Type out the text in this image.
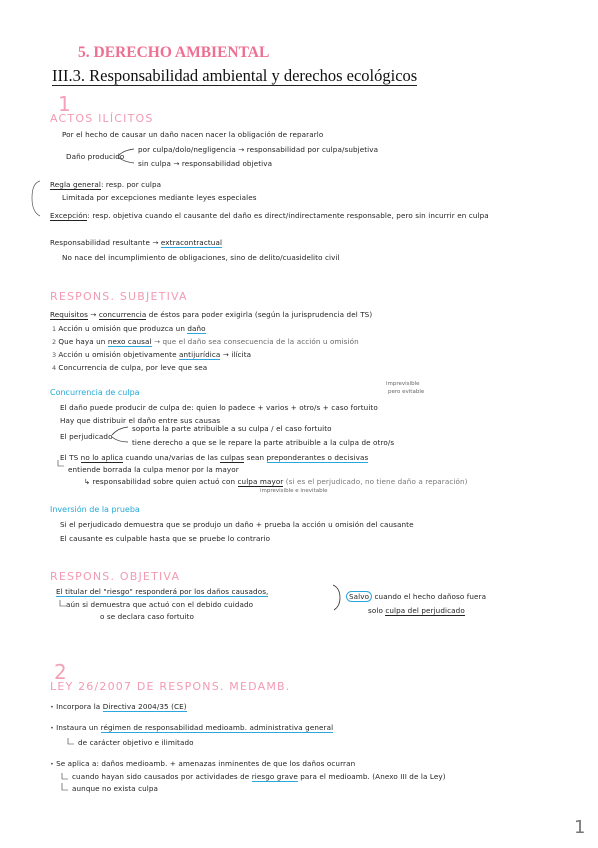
5. DERECHO AMBIENTAL
III.3. Responsabilidad ambiental y derechos ecológicos
1
ACTOS ILÍCITOS
Por el hecho de causar un daño nacen nacer la obligación de repararlo
Daño producido
por culpa/dolo/negligencia → responsabilidad por culpa/subjetiva
sin culpa → responsabilidad objetiva
Regla general: resp. por culpa
Limitada por excepciones mediante leyes especiales
Excepción: resp. objetiva cuando el causante del daño es direct/indirectamente responsable, pero sin incurrir en culpa
Responsabilidad resultante → extracontractual
No nace del incumplimiento de obligaciones, sino de delito/cuasidelito civil
RESPONS. SUBJETIVA
Requisitos → concurrencia de éstos para poder exigirla (según la jurisprudencia del TS)
1 Acción u omisión que produzca un daño
2 Que haya un nexo causal → que el daño sea consecuencia de la acción u omisión
3 Acción u omisión objetivamente antijurídica → ilícita
4 Concurrencia de culpa, por leve que sea
Concurrencia de culpa
imprevisible
pero evitable
El daño puede producir de culpa de: quien lo padece + varios + otro/s + caso fortuito
Hay que distribuir el daño entre sus causas
El perjudicado
soporta la parte atribuible a su culpa / el caso fortuito
tiene derecho a que se le repare la parte atribuible a la culpa de otro/s
El TS no lo aplica cuando una/varias de las culpas sean preponderantes o decisivas
entiende borrada la culpa menor por la mayor
↳ responsabilidad sobre quien actuó con culpa mayor (si es el perjudicado, no tiene daño a reparación)
imprevisible e inevitable
Inversión de la prueba
Si el perjudicado demuestra que se produjo un daño + prueba la acción u omisión del causante
El causante es culpable hasta que se pruebe lo contrario
RESPONS. OBJETIVA
El titular del "riesgo" responderá por los daños causados,
aún si demuestra que actuó con el debido cuidado
o se declara caso fortuito
Salvo cuando el hecho dañoso fuera
solo culpa del perjudicado
2
LEY 26/2007 DE RESPONS. MEDAMB.
• Incorpora la Directiva 2004/35 (CE)
• Instaura un régimen de responsabilidad medioamb. administrativa general
de carácter objetivo e ilimitado
• Se aplica a: daños medioamb. + amenazas inminentes de que los daños ocurran
cuando hayan sido causados por actividades de riesgo grave para el medioamb. (Anexo III de la Ley)
aunque no exista culpa
1
